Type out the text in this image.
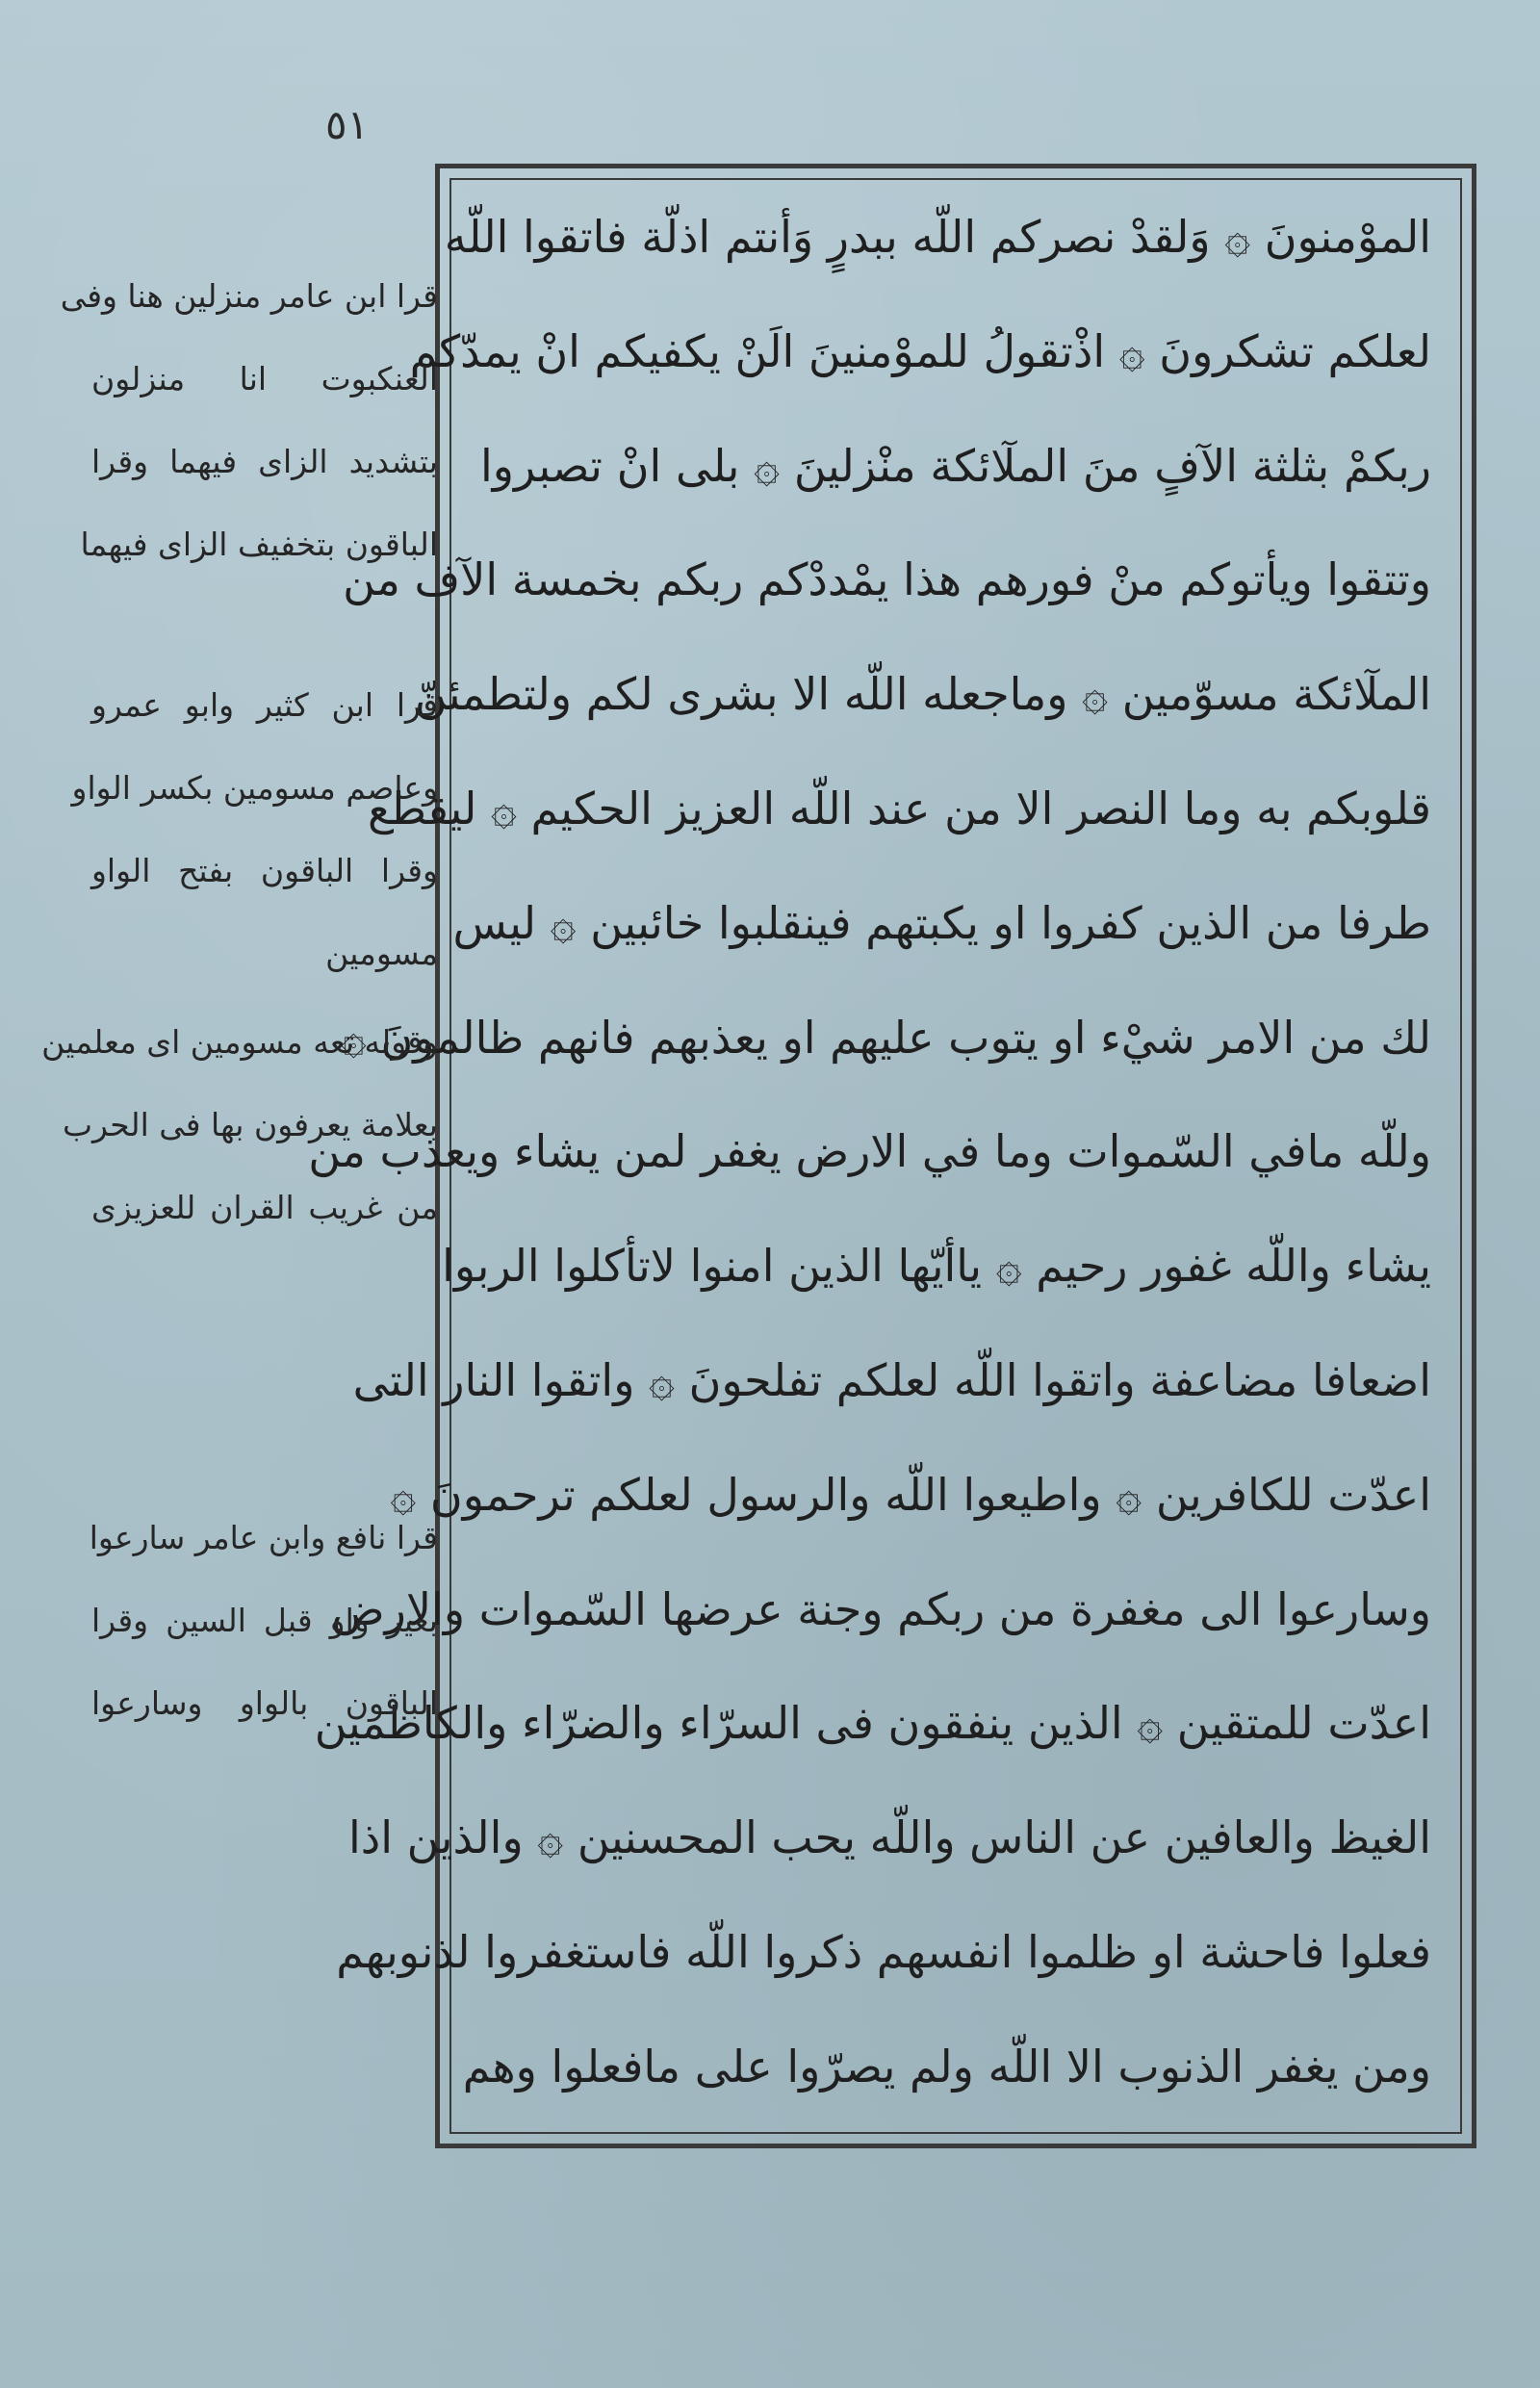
٥١
الموْمنونَ ۞ وَلقدْ نصركم اللّه ببدرٍ وَأنتم اذلّة فاتقوا اللّه
لعلكم تشكرونَ ۞ اذْتقولُ للموْمنينَ الَنْ يكفيكم انْ يمدّكم
ربكمْ بثلثة الآفٍ منَ الملٓائكة منْزلينَ ۞ بلى انْ تصبروا
وتتقوا ويأتوكم منْ فورهم هذا يمْددْكم ربكم بخمسة الآف من
الملٓائكة مسوّمين ۞ وماجعله اللّه الا بشرى لكم ولتطمئنّ
قلوبكم به وما النصر الا من عند اللّه العزيز الحكيم ۞ ليقطع
طرفا من الذين كفروا او يكبتهم فينقلبوا خائبين ۞ ليس
لك من الامر شيْء او يتوب عليهم او يعذبهم فانهم ظالمونَ ۞
وللّه مافي السّموات وما في الارض يغفر لمن يشاء ويعذب من
يشاء واللّه غفور رحيم ۞ ياأيّها الذين امنوا لاتأكلوا الربوا
اضعافا مضاعفة واتقوا اللّه لعلكم تفلحونَ ۞ واتقوا النار التى
اعدّت للكافرين ۞ واطيعوا اللّه والرسول لعلكم ترحمونَ ۞
وسارعوا الى مغفرة من ربكم وجنة عرضها السّموات والارض
اعدّت للمتقين ۞ الذين ينفقون فى السرّاء والضرّاء والكاظمين
الغيظ والعافين عن الناس واللّه يحب المحسنين ۞ والذين اذا
فعلوا فاحشة او ظلموا انفسهم ذكروا اللّه فاستغفروا لذنوبهم
ومن يغفر الذنوب الا اللّه ولم يصرّوا على مافعلوا وهم
قرا ابن عامر منزلين هنا وفى
العنكبوت انا منزلون
بتشديد الزاى فيهما وقرا
الباقون بتخفيف الزاى فيهما
قرا ابن كثير وابو عمرو
وعاصم مسومين بكسر الواو
وقرا الباقون بفتح الواو
مسومين
وقوله تعه مسومين اى معلمين
بعلامة يعرفون بها فى الحرب
من غريب القران للعزيزى
قرا نافع وابن عامر سارعوا
بغير واو قبل السين وقرا
الباقون بالواو وسارعوا
